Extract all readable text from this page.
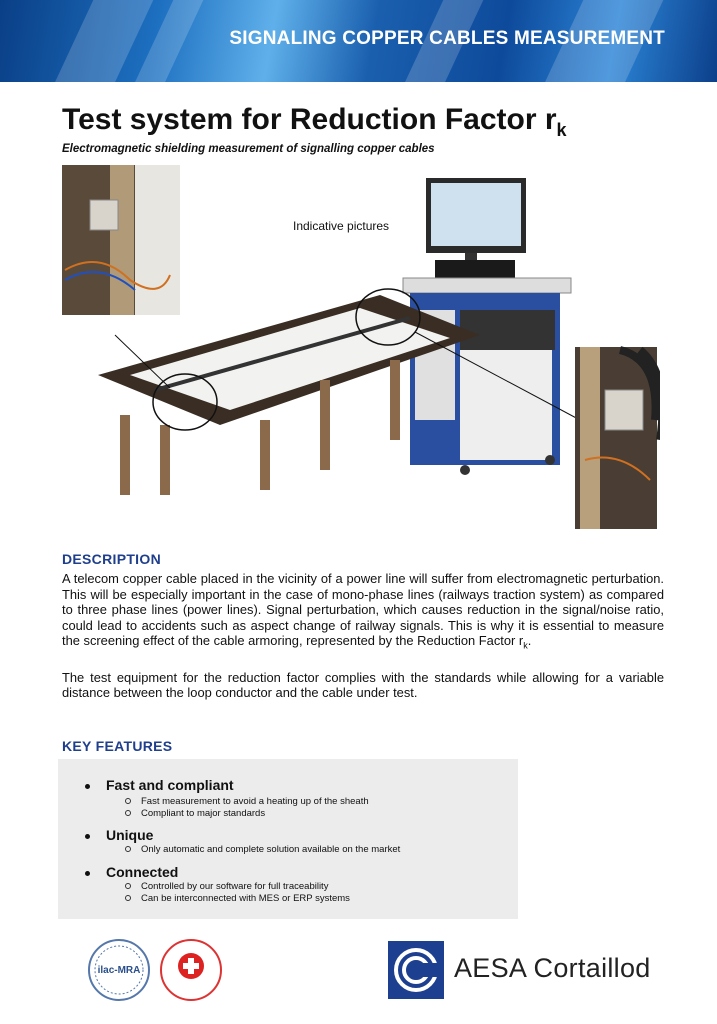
SIGNALING COPPER CABLES MEASUREMENT
Test system for Reduction Factor $r_k$
Electromagnetic shielding measurement of signalling copper cables
Indicative pictures
DESCRIPTION

A telecom copper cable placed in the vicinity of a power line will suffer from electromagnetic perturbation. This will be especially important in the case of mono-phase lines (railways traction system) as compared to three phase lines (power lines). Signal perturbation, which causes reduction in the signal/noise ratio, could lead to accidents such as aspect change of railway signals. This is why it is essential to measure the screening effect of the cable armoring, represented by the Reduction Factor $r_k$.

The test equipment for the reduction factor complies with the standards while allowing for a variable distance between the loop conductor and the cable under test.

KEY FEATURES
Fast and compliant
Fast measurement to avoid a heating up of the sheath
Compliant to major standards
Unique
Only automatic and complete solution available on the market
Connected
Controlled by our software for full traceability
Can be interconnected with MES or ERP systems
ilac-MRA	AESA Cortaillod
